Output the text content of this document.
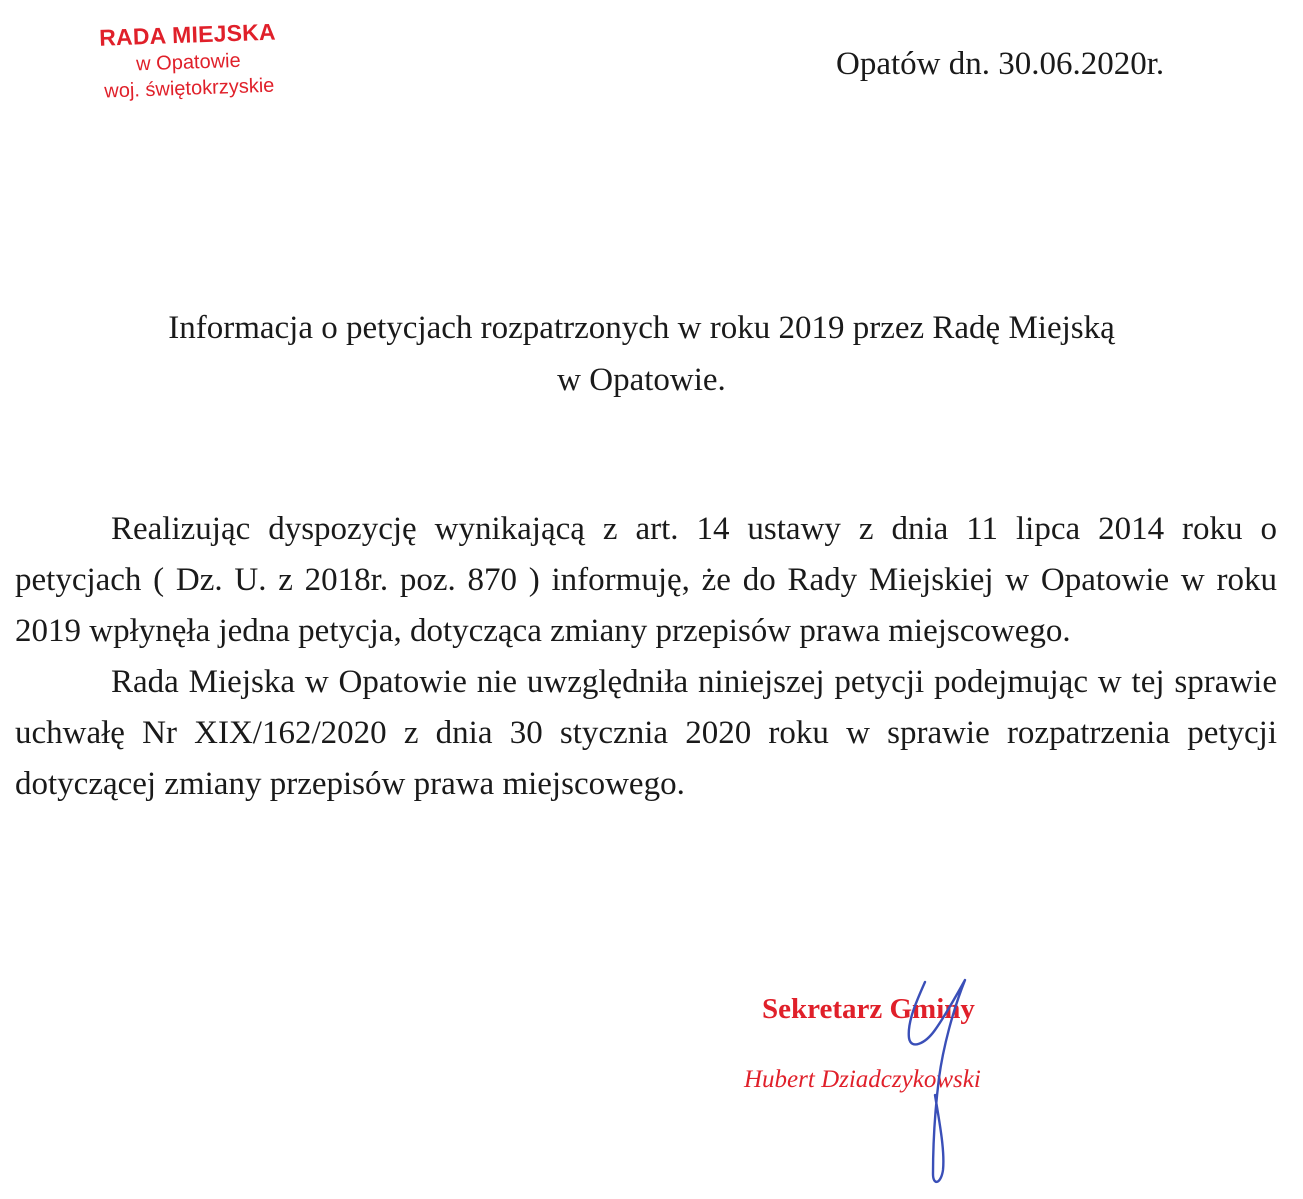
RADA MIEJSKA
w Opatowie
woj. świętokrzyskie
Opatów dn. 30.06.2020r.
Informacja o petycjach rozpatrzonych w roku 2019 przez Radę Miejską
w Opatowie.

Realizując dyspozycję wynikającą z art. 14 ustawy z dnia 11 lipca 2014 roku o petycjach ( Dz. U. z 2018r. poz. 870 ) informuję, że do Rady Miejskiej w Opatowie w roku 2019 wpłynęła jedna petycja, dotycząca zmiany przepisów prawa miejscowego.

Rada Miejska w Opatowie nie uwzględniła niniejszej petycji podejmując w tej sprawie uchwałę Nr XIX/162/2020 z dnia 30 stycznia 2020 roku w sprawie rozpatrzenia petycji dotyczącej zmiany przepisów prawa miejscowego.

Sekretarz Gminy
Hubert Dziadczykowski
